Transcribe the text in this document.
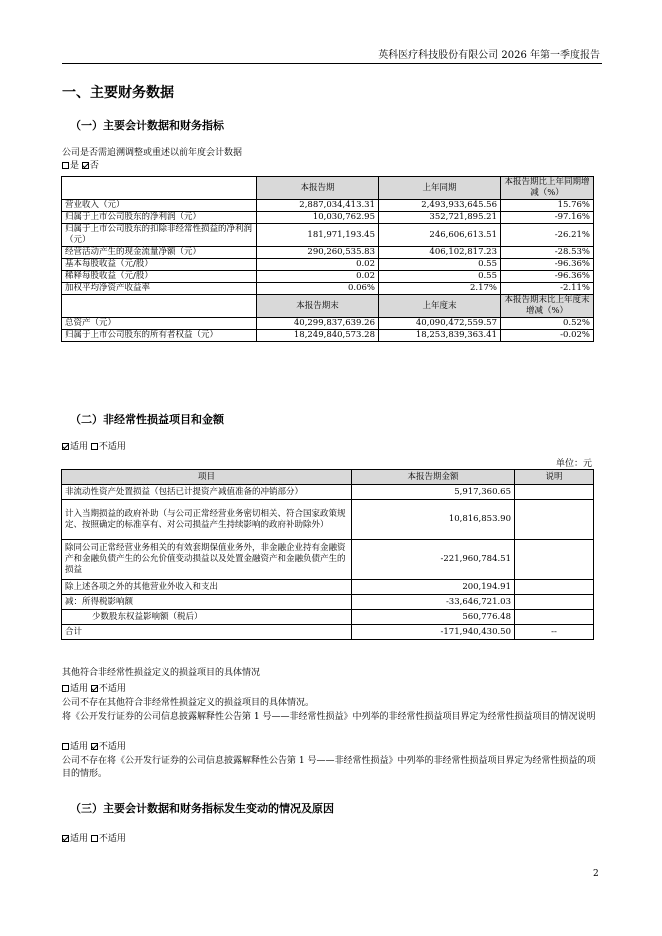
英科医疗科技股份有限公司 2026 年第一季度报告
一、主要财务数据
（一）主要会计数据和财务指标
公司是否需追溯调整或重述以前年度会计数据
是 否
	本报告期	上年同期	本报告期比上年同期增减（%）
营业收入（元）	2,887,034,413.31	2,493,933,645.56	15.76%
归属于上市公司股东的净利润（元）	10,030,762.95	352,721,895.21	-97.16%
归属于上市公司股东的扣除非经常性损益的净利润（元）	181,971,193.45	246,606,613.51	-26.21%
经营活动产生的现金流量净额（元）	290,260,535.83	406,102,817.23	-28.53%
基本每股收益（元/股）	0.02	0.55	-96.36%
稀释每股收益（元/股）	0.02	0.55	-96.36%
加权平均净资产收益率	0.06%	2.17%	-2.11%
	本报告期末	上年度末	本报告期末比上年度末增减（%）
总资产（元）	40,299,837,639.26	40,090,472,559.57	0.52%
归属于上市公司股东的所有者权益（元）	18,249,840,573.28	18,253,839,363.41	-0.02%
（二）非经常性损益项目和金额
适用 不适用
单位：元
项目	本报告期金额	说明
非流动性资产处置损益（包括已计提资产减值准备的冲销部分）	5,917,360.65	
计入当期损益的政府补助（与公司正常经营业务密切相关、符合国家政策规定、按照确定的标准享有、对公司损益产生持续影响的政府补助除外）	10,816,853.90	
除同公司正常经营业务相关的有效套期保值业务外，非金融企业持有金融资产和金融负债产生的公允价值变动损益以及处置金融资产和金融负债产生的损益	-221,960,784.51	
除上述各项之外的其他营业外收入和支出	200,194.91	
减：所得税影响额	-33,646,721.03	
少数股东权益影响额（税后）	560,776.48	
合计	-171,940,430.50	--
其他符合非经常性损益定义的损益项目的具体情况
适用 不适用
公司不存在其他符合非经常性损益定义的损益项目的具体情况。
将《公开发行证券的公司信息披露解释性公告第 1 号——非经常性损益》中列举的非经常性损益项目界定为经常性损益项目的情况说明
适用 不适用
公司不存在将《公开发行证券的公司信息披露解释性公告第 1 号——非经常性损益》中列举的非经常性损益项目界定为经常性损益的项目的情形。
（三）主要会计数据和财务指标发生变动的情况及原因
适用 不适用
2
